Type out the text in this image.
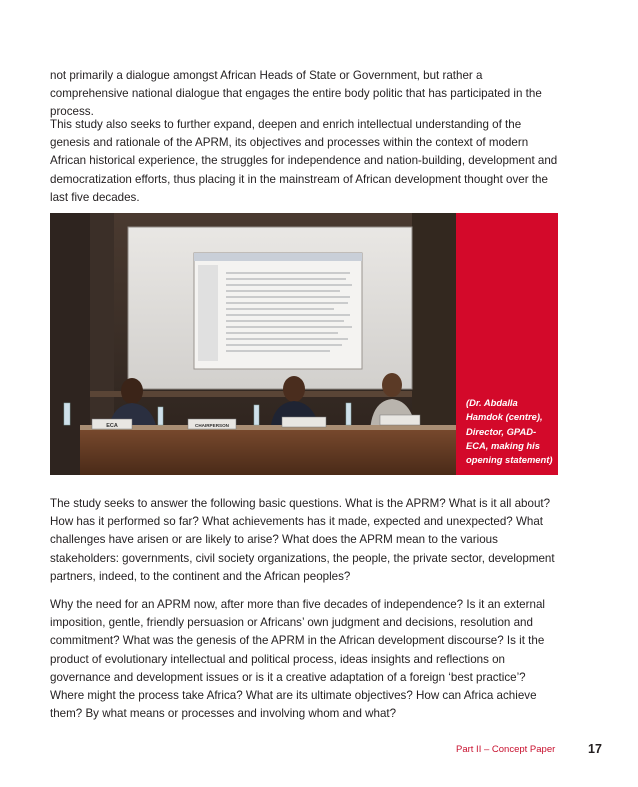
not primarily a dialogue amongst African Heads of State or Government, but rather a comprehensive national dialogue that engages the entire body politic that has participated in the process.

This study also seeks to further expand, deepen and enrich intellectual understanding of the genesis and rationale of the APRM, its objectives and processes within the context of modern African historical experience, the struggles for independence and nation-building, development and democratization efforts, thus placing it in the mainstream of African development thought over the last five decades.

ECA	CHAIRPERSON

(Dr. Abdalla Hamdok (centre), Director, GPAD-ECA, making his opening statement)

The study seeks to answer the following basic questions. What is the APRM? What is it all about? How has it performed so far? What achievements has it made, expected and unexpected? What challenges have arisen or are likely to arise? What does the APRM mean to the various stakeholders: governments, civil society organizations, the people, the private sector, development partners, indeed, to the continent and the African peoples?

Why the need for an APRM now, after more than five decades of independence? Is it an external imposition, gentle, friendly persuasion or Africans’ own judgment and decisions, resolution and commitment? What was the genesis of the APRM in the African development discourse? Is it the product of evolutionary intellectual and political process, ideas insights and reflections on governance and development issues or is it a creative adaptation of a foreign ‘best practice’? Where might the process take Africa? What are its ultimate objectives? How can Africa achieve them? By what means or processes and involving whom and what?

Part II – Concept Paper	17
